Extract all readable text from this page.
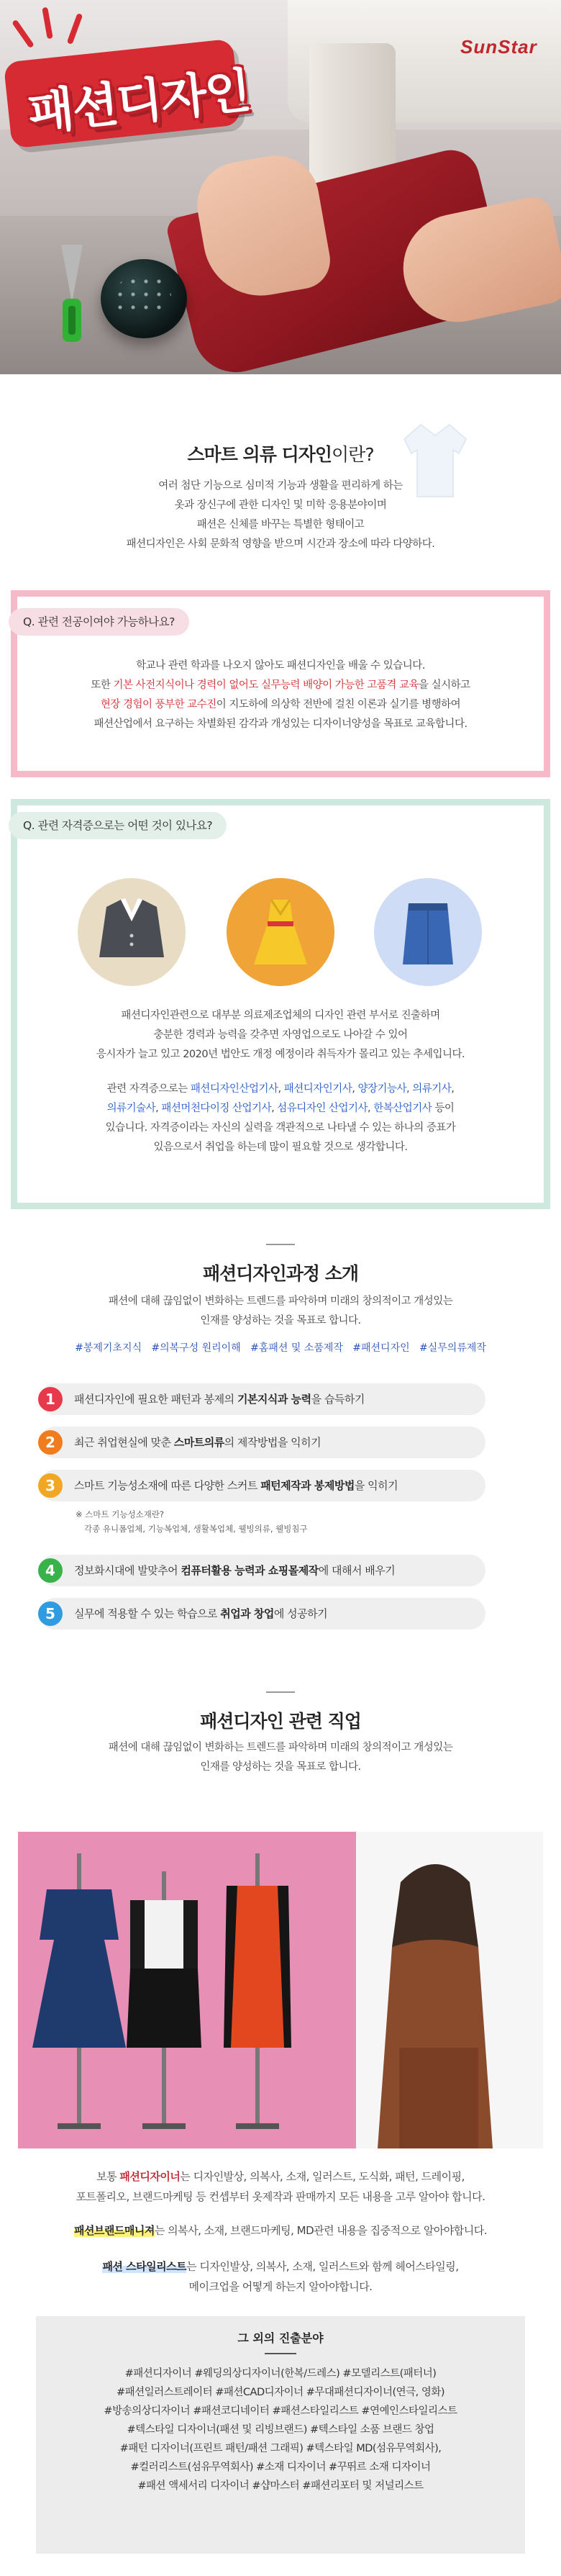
SunStar
패션디자인
스마트 의류 디자인이란?
여러 첨단 기능으로 심미적 기능과 생활을 편리하게 하는
옷과 장신구에 관한 디자인 및 미학 응용분야이며
패션은 신체를 바꾸는 특별한 형태이고
패션디자인은 사회 문화적 영향을 받으며 시간과 장소에 따라 다양하다.
Q. 관련 전공이여야 가능하나요?
학교나 관련 학과를 나오지 않아도 패션디자인을 배울 수 있습니다.
또한 기본 사전지식이나 경력이 없어도 실무능력 배양이 가능한 고품격 교육을 실시하고
현장 경험이 풍부한 교수진이 지도하에 의상학 전반에 걸친 이론과 실기를 병행하여
패션산업에서 요구하는 차별화된 감각과 개성있는 디자이너양성을 목표로 교육합니다.
Q. 관련 자격증으로는 어떤 것이 있나요?
패션디자인관련으로 대부분 의료제조업체의 디자인 관련 부서로 진출하며
충분한 경력과 능력을 갖추면 자영업으로도 나아갈 수 있어
응시자가 늘고 있고 2020년 법안도 개정 예정이라 취득자가 몰리고 있는 추세입니다.
관련 자격증으로는 패션디자인산업기사, 패션디자인기사, 양장기능사, 의류기사,
의류기술사, 패션머천다이징 산업기사, 섬유디자인 산업기사, 한복산업기사 등이
있습니다. 자격증이라는 자신의 실력을 객관적으로 나타낼 수 있는 하나의 증표가
있음으로서 취업을 하는데 많이 필요할 것으로 생각합니다.
패션디자인과정 소개
패션에 대해 끊임없이 변화하는 트렌드를 파악하며 미래의 창의적이고 개성있는
인재를 양성하는 것을 목표로 합니다.
#봉제기초지식 #의복구성 원리이해 #홈패션 및 소품제작 #패션디자인 #실무의류제작
1	패션디자인에 필요한 패턴과 봉제의 기본지식과 능력을 습득하기
2	최근 취업현실에 맞춘 스마트의류의 제작방법을 익히기
3	스마트 기능성소재에 따른 다양한 스커트 패턴제작과 봉제방법을 익히기
※ 스마트 기능성소재란?
각종 유니폼업체, 기능복업체, 생활복업체, 웰빙의류, 웰빙침구
4	정보화시대에 발맞추어 컴퓨터활용 능력과 쇼핑몰제작에 대해서 배우기
5	실무에 적용할 수 있는 학습으로 취업과 창업에 성공하기
패션디자인 관련 직업
패션에 대해 끊임없이 변화하는 트렌드를 파악하며 미래의 창의적이고 개성있는
인재를 양성하는 것을 목표로 합니다.
보통 패션디자이너는 디자인발상, 의복사, 소재, 일러스트, 도식화, 패턴, 드레이핑,
포트폴리오, 브랜드마케팅 등 컨셉부터 옷제작과 판매까지 모든 내용을 고루 알아야 합니다.
패션브랜드매니져는 의복사, 소재, 브랜드마케팅, MD관련 내용을 집중적으로 알아야합니다.
패션 스타일리스트는 디자인발상, 의복사, 소재, 일러스트와 함께 헤어스타일링,
메이크업을 어떻게 하는지 알아야합니다.
그 외의 진출분야
#패션디자이너 #웨딩의상디자이너(한복/드레스) #모델리스트(패터너)
#패션일러스트레이터 #패션CAD디자이너 #무대패션디자이너(연극, 영화)
#방송의상디자이너 #패션코디네이터 #패션스타일리스트 #연예인스타일리스트
#텍스타일 디자이너(패션 및 리빙브랜드) #텍스타일 소품 브랜드 창업
#패턴 디자이너(프린트 패턴/패션 그래픽) #텍스타일 MD(섬유무역회사),
#컬러리스트(섬유무역회사) #소재 디자이너 #꾸뛰르 소재 디자이너
#패션 액세서리 디자이너 #샵마스터 #패션리포터 및 저널리스트
